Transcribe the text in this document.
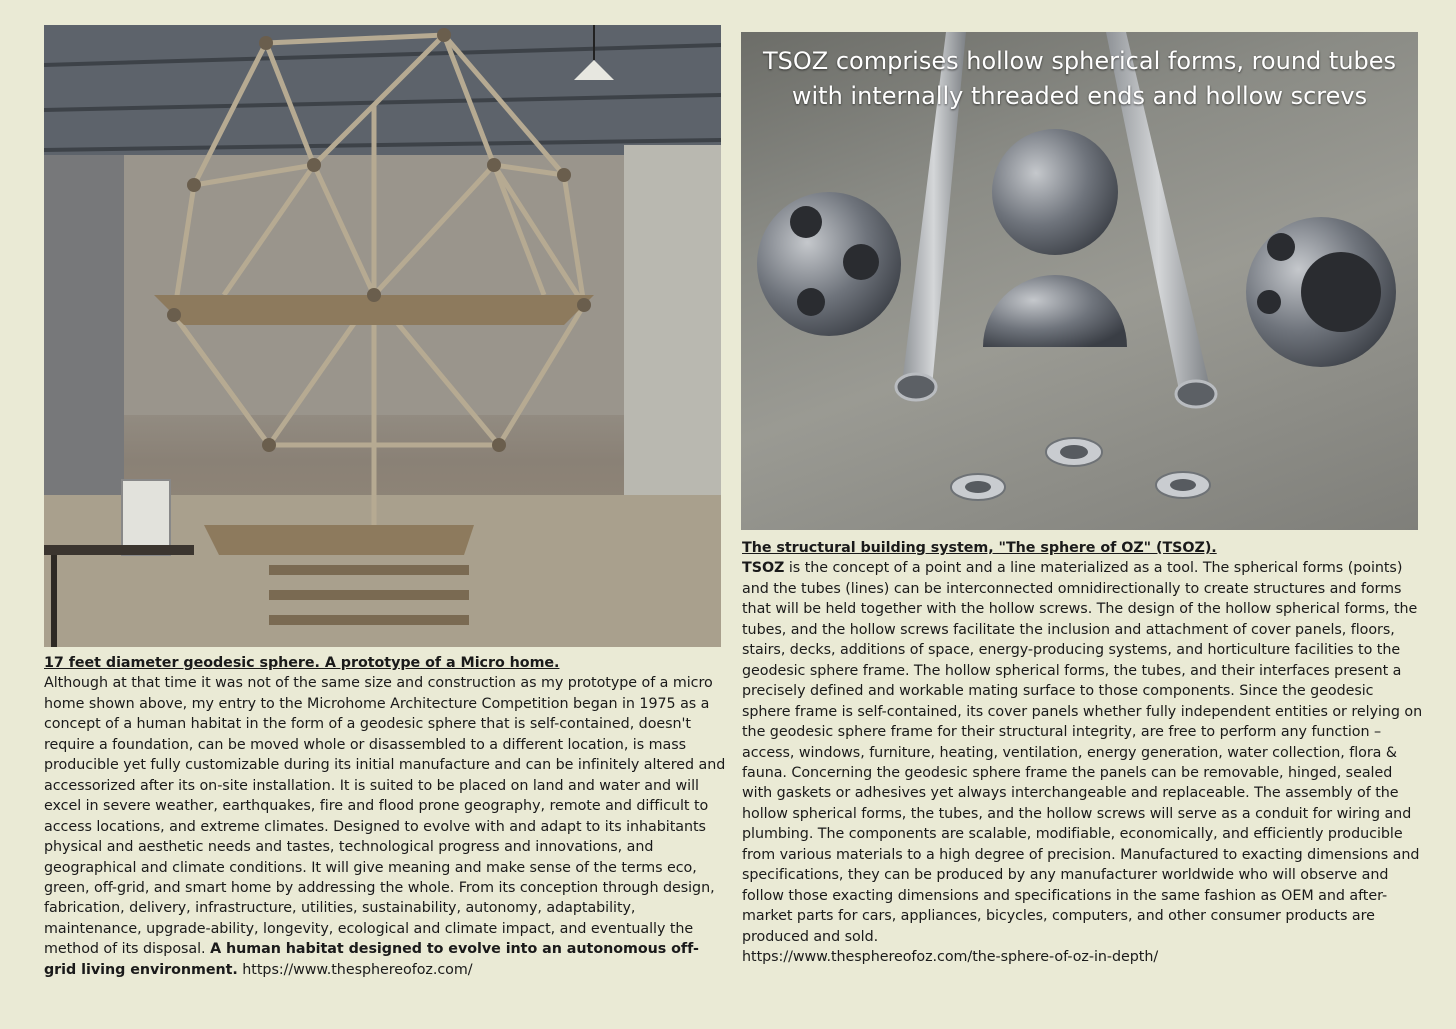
TSOZ comprises hollow spherical forms, round tubes with internally threaded ends and hollow screvs
17 feet diameter geodesic sphere. A prototype of a Micro home.
Although at that time it was not of the same size and construction as my prototype of a micro home shown above, my entry to the Microhome Architecture Competition began in 1975 as a concept of a human habitat in the form of a geodesic sphere that is self-contained, doesn't require a foundation, can be moved whole or disassembled to a different location, is mass producible yet fully customizable during its initial manufacture and can be infinitely altered and accessorized after its on-site installation. It is suited to be placed on land and water and will excel in severe weather, earthquakes, fire and flood prone geography, remote and difficult to access locations, and extreme climates. Designed to evolve with and adapt to its inhabitants physical and aesthetic needs and tastes, technological progress and innovations, and geographical and climate conditions. It will give meaning and make sense of the terms eco, green, off-grid, and smart home by addressing the whole. From its conception through design, fabrication, delivery, infrastructure, utilities, sustainability, autonomy, adaptability, maintenance, upgrade-ability, longevity, ecological and climate impact, and eventually the method of its disposal. A human habitat designed to evolve into an autonomous off-grid living environment. https://www.thesphereofoz.com/
The structural building system, "The sphere of OZ" (TSOZ).
TSOZ is the concept of a point and a line materialized as a tool. The spherical forms (points) and the tubes (lines) can be interconnected omnidirectionally to create structures and forms that will be held together with the hollow screws. The design of the hollow spherical forms, the tubes, and the hollow screws facilitate the inclusion and attachment of cover panels, floors, stairs, decks, additions of space, energy-producing systems, and horticulture facilities to the geodesic sphere frame. The hollow spherical forms, the tubes, and their interfaces present a precisely defined and workable mating surface to those components. Since the geodesic sphere frame is self-contained, its cover panels whether fully independent entities or relying on the geodesic sphere frame for their structural integrity, are free to perform any function – access, windows, furniture, heating, ventilation, energy generation, water collection, flora & fauna. Concerning the geodesic sphere frame the panels can be removable, hinged, sealed with gaskets or adhesives yet always interchangeable and replaceable. The assembly of the hollow spherical forms, the tubes, and the hollow screws will serve as a conduit for wiring and plumbing. The components are scalable, modifiable, economically, and efficiently producible from various materials to a high degree of precision. Manufactured to exacting dimensions and specifications, they can be produced by any manufacturer worldwide who will observe and follow those exacting dimensions and specifications in the same fashion as OEM and after-market parts for cars, appliances, bicycles, computers, and other consumer products are produced and sold.
https://www.thesphereofoz.com/the-sphere-of-oz-in-depth/
